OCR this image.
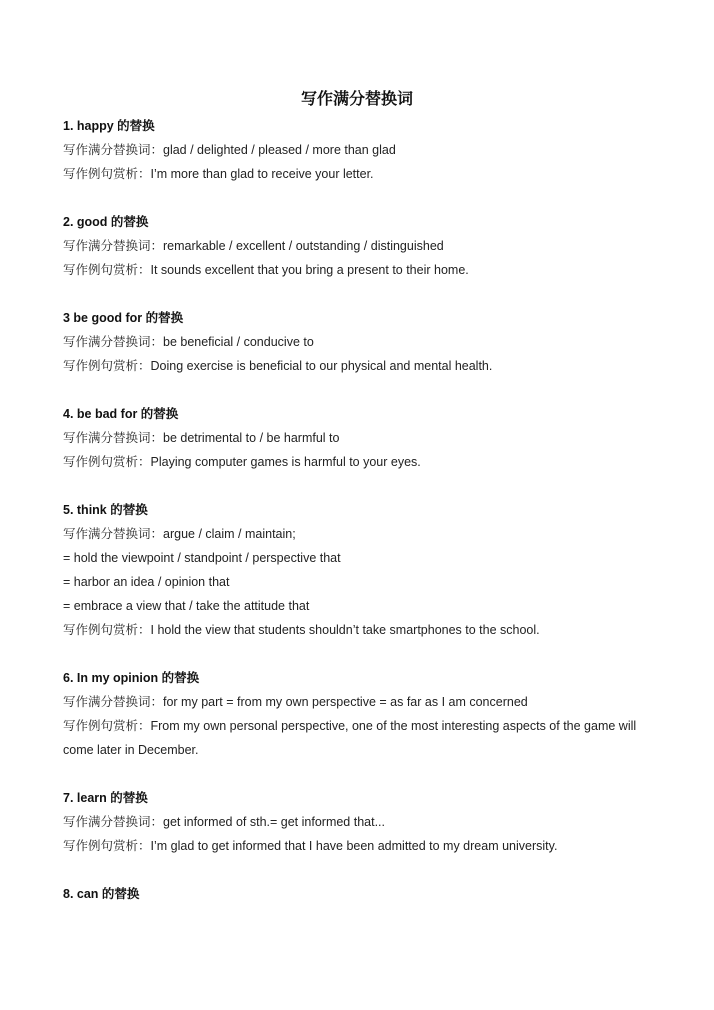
写作满分替换词
1. happy 的替换
写作满分替换词：glad / delighted / pleased / more than glad
写作例句赏析：I’m more than glad to receive your letter.
2. good 的替换
写作满分替换词：remarkable / excellent / outstanding / distinguished
写作例句赏析：It sounds excellent that you bring a present to their home.
3 be good for 的替换
写作满分替换词：be beneficial / conducive to
写作例句赏析：Doing exercise is beneficial to our physical and mental health.
4. be bad for 的替换
写作满分替换词：be detrimental to / be harmful to
写作例句赏析：Playing computer games is harmful to your eyes.
5. think 的替换
写作满分替换词：argue / claim / maintain;
= hold the viewpoint / standpoint / perspective that
= harbor an idea / opinion that
= embrace a view that / take the attitude that
写作例句赏析：I hold the view that students shouldn’t take smartphones to the school.
6. In my opinion 的替换
写作满分替换词：for my part = from my own perspective = as far as I am concerned
写作例句赏析：From my own personal perspective, one of the most interesting aspects of the game will
come later in December.
7. learn 的替换
写作满分替换词：get informed of sth.= get informed that...
写作例句赏析：I’m glad to get informed that I have been admitted to my dream university.
8. can 的替换
